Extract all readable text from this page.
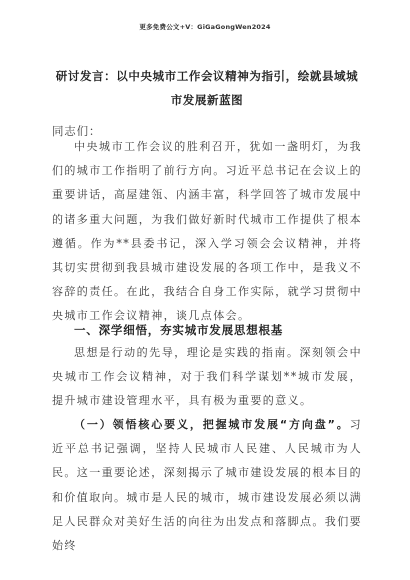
更多免费公文+V：GiGaGongWen2024
研讨发言：以中央城市工作会议精神为指引，绘就县域城市发展新蓝图
同志们：

中央城市工作会议的胜利召开，犹如一盏明灯，为我们的城市工作指明了前行方向。习近平总书记在会议上的重要讲话，高屋建瓴、内涵丰富，科学回答了城市发展中的诸多重大问题，为我们做好新时代城市工作提供了根本遵循。作为**县委书记，深入学习领会会议精神，并将其切实贯彻到我县城市建设发展的各项工作中，是我义不容辞的责任。在此，我结合自身工作实际，就学习贯彻中央城市工作会议精神，谈几点体会。

一、深学细悟，夯实城市发展思想根基

思想是行动的先导，理论是实践的指南。深刻领会中央城市工作会议精神，对于我们科学谋划**城市发展，提升城市建设管理水平，具有极为重要的意义。

（一）领悟核心要义，把握城市发展“方向盘”。习近平总书记强调，坚持人民城市人民建、人民城市为人民。这一重要论述，深刻揭示了城市建设发展的根本目的和价值取向。城市是人民的城市，城市建设发展必须以满足人民群众对美好生活的向往为出发点和落脚点。我们要始终
